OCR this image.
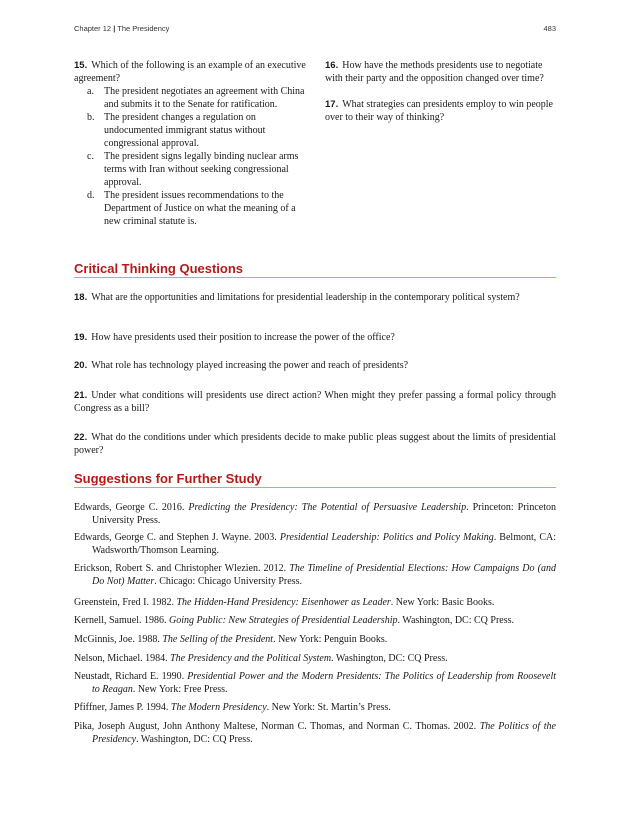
Chapter 12 | The Presidency	483
15. Which of the following is an example of an executive agreement?
a. The president negotiates an agreement with China and submits it to the Senate for ratification.
b. The president changes a regulation on undocumented immigrant status without congressional approval.
c. The president signs legally binding nuclear arms terms with Iran without seeking congressional approval.
d. The president issues recommendations to the Department of Justice on what the meaning of a new criminal statute is.
16. How have the methods presidents use to negotiate with their party and the opposition changed over time?
17. What strategies can presidents employ to win people over to their way of thinking?
Critical Thinking Questions
18. What are the opportunities and limitations for presidential leadership in the contemporary political system?
19. How have presidents used their position to increase the power of the office?
20. What role has technology played increasing the power and reach of presidents?
21. Under what conditions will presidents use direct action? When might they prefer passing a formal policy through Congress as a bill?
22. What do the conditions under which presidents decide to make public pleas suggest about the limits of presidential power?
Suggestions for Further Study
Edwards, George C. 2016. Predicting the Presidency: The Potential of Persuasive Leadership. Princeton: Princeton University Press.
Edwards, George C. and Stephen J. Wayne. 2003. Presidential Leadership: Politics and Policy Making. Belmont, CA: Wadsworth/Thomson Learning.
Erickson, Robert S. and Christopher Wlezien. 2012. The Timeline of Presidential Elections: How Campaigns Do (and Do Not) Matter. Chicago: Chicago University Press.
Greenstein, Fred I. 1982. The Hidden-Hand Presidency: Eisenhower as Leader. New York: Basic Books.
Kernell, Samuel. 1986. Going Public: New Strategies of Presidential Leadership. Washington, DC: CQ Press.
McGinnis, Joe. 1988. The Selling of the President. New York: Penguin Books.
Nelson, Michael. 1984. The Presidency and the Political System. Washington, DC: CQ Press.
Neustadt, Richard E. 1990. Presidential Power and the Modern Presidents: The Politics of Leadership from Roosevelt to Reagan. New York: Free Press.
Pfiffner, James P. 1994. The Modern Presidency. New York: St. Martin’s Press.
Pika, Joseph August, John Anthony Maltese, Norman C. Thomas, and Norman C. Thomas. 2002. The Politics of the Presidency. Washington, DC: CQ Press.
